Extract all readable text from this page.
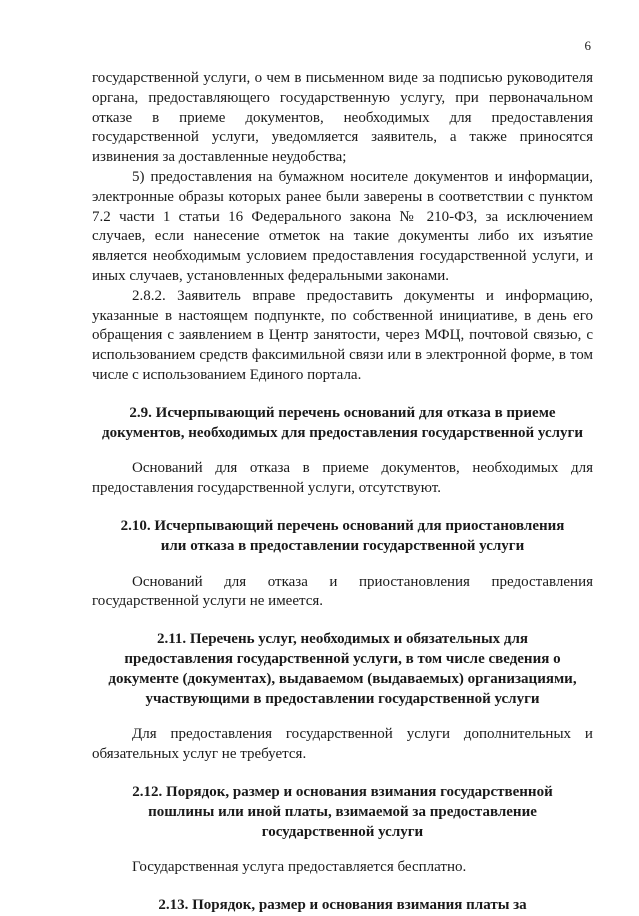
6

государственной услуги, о чем в письменном виде за подписью руководителя органа, предоставляющего государственную услугу, при первоначальном отказе в приеме документов, необходимых для предоставления государственной услуги, уведомляется заявитель, а также приносятся извинения за доставленные неудобства;

5) предоставления на бумажном носителе документов и информации, электронные образы которых ранее были заверены в соответствии с пунктом 7.2 части 1 статьи 16 Федерального закона № 210-ФЗ, за исключением случаев, если нанесение отметок на такие документы либо их изъятие является необходимым условием предоставления государственной услуги, и иных случаев, установленных федеральными законами.

2.8.2. Заявитель вправе предоставить документы и информацию, указанные в настоящем подпункте, по собственной инициативе, в день его обращения с заявлением в Центр занятости, через МФЦ, почтовой связью, с использованием средств факсимильной связи или в электронной форме, в том числе с использованием Единого портала.

2.9. Исчерпывающий перечень оснований для отказа в приеме
документов, необходимых для предоставления государственной услуги

Оснований для отказа в приеме документов, необходимых для предоставления государственной услуги, отсутствуют.

2.10. Исчерпывающий перечень оснований для приостановления
или отказа в предоставлении государственной услуги
Оснований для отказа и приостановления предоставления
государственной услуги не имеется.
2.11. Перечень услуг, необходимых и обязательных для
предоставления государственной услуги, в том числе сведения о
документе (документах), выдаваемом (выдаваемых) организациями,
участвующими в предоставлении государственной услуги
Для предоставления государственной услуги дополнительных и
обязательных услуг не требуется.
2.12. Порядок, размер и основания взимания государственной
пошлины или иной платы, взимаемой за предоставление
государственной услуги

Государственная услуга предоставляется бесплатно.

2.13. Порядок, размер и основания взимания платы за
